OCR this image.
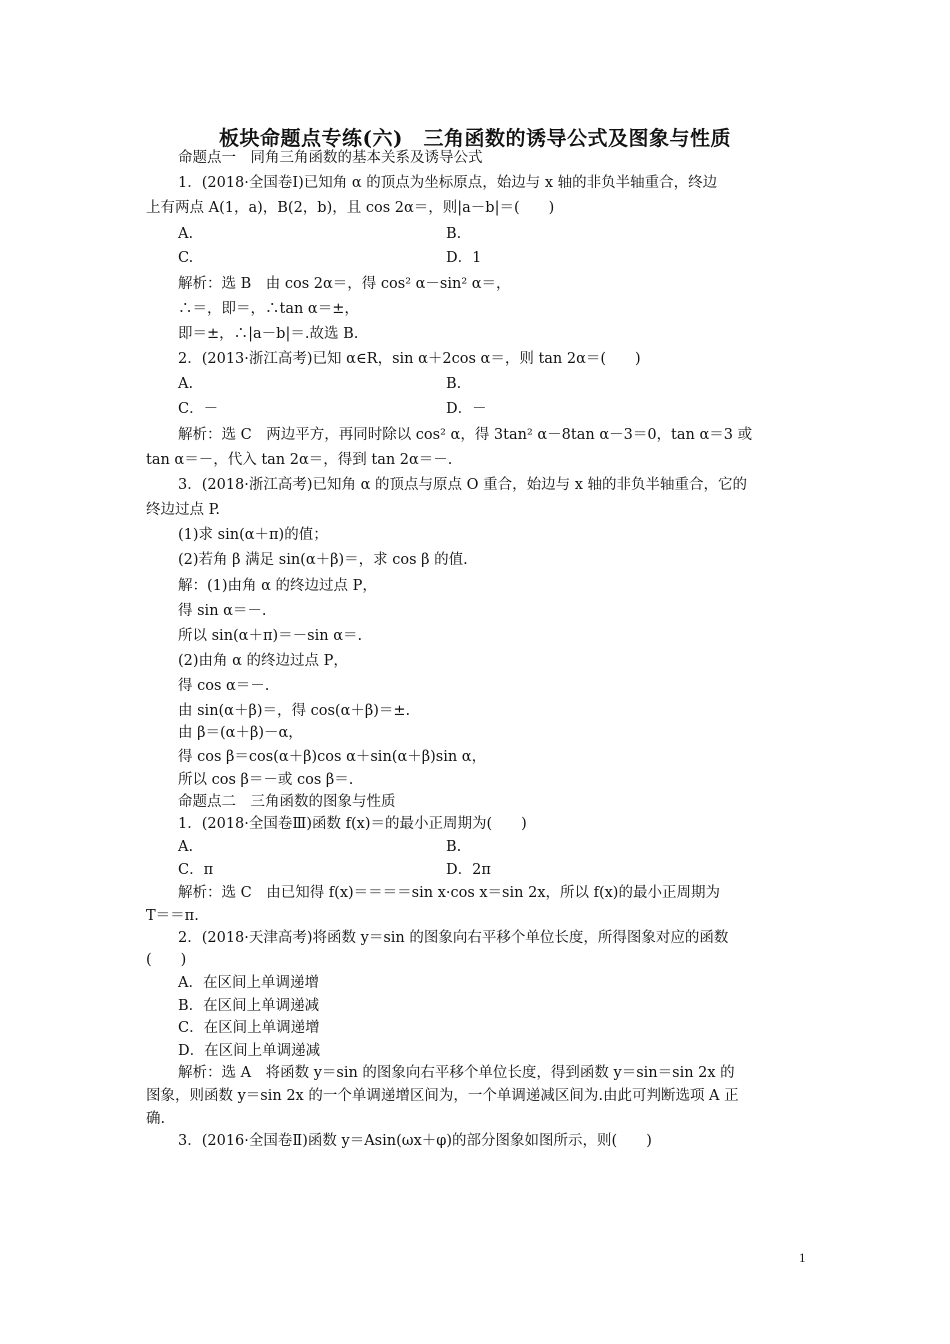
板块命题点专练(六)　三角函数的诱导公式及图象与性质
命题点一　同角三角函数的基本关系及诱导公式
1．(2018·全国卷Ⅰ)已知角 α 的顶点为坐标原点，始边与 x 轴的非负半轴重合，终边
上有两点 A(1，a)，B(2，b)，且 cos 2α＝，则|a－b|＝(　　)
A.	B.
C.	D．1
解析：选 B　由 cos 2α＝，得 cos² α－sin² α＝，
∴＝，即＝，∴tan α＝±，
即＝±，∴|a－b|＝.故选 B.
2．(2013·浙江高考)已知 α∈R，sin α＋2cos α＝，则 tan 2α＝(　　)
A.	B.
C．－	D．－
解析：选 C　两边平方，再同时除以 cos² α，得 3tan² α－8tan α－3＝0，tan α＝3 或
tan α＝－，代入 tan 2α＝，得到 tan 2α＝－.
3．(2018·浙江高考)已知角 α 的顶点与原点 O 重合，始边与 x 轴的非负半轴重合，它的
终边过点 P.
(1)求 sin(α＋π)的值；
(2)若角 β 满足 sin(α＋β)＝，求 cos β 的值.
解：(1)由角 α 的终边过点 P，
得 sin α＝－.
所以 sin(α＋π)＝－sin α＝.
(2)由角 α 的终边过点 P，
得 cos α＝－.
由 sin(α＋β)＝，得 cos(α＋β)＝±.
由 β＝(α＋β)－α，
得 cos β＝cos(α＋β)cos α＋sin(α＋β)sin α，
所以 cos β＝－或 cos β＝.
命题点二　三角函数的图象与性质
1．(2018·全国卷Ⅲ)函数 f(x)＝的最小正周期为(　　)
A.	B.
C．π	D．2π
解析：选 C　由已知得 f(x)＝＝＝＝sin x·cos x＝sin 2x，所以 f(x)的最小正周期为
T＝＝π.
2．(2018·天津高考)将函数 y＝sin 的图象向右平移个单位长度，所得图象对应的函数
(　　)
A．在区间上单调递增
B．在区间上单调递减
C．在区间上单调递增
D．在区间上单调递减
解析：选 A　将函数 y＝sin 的图象向右平移个单位长度，得到函数 y＝sin＝sin 2x 的
图象，则函数 y＝sin 2x 的一个单调递增区间为，一个单调递减区间为.由此可判断选项 A 正
确.
3．(2016·全国卷Ⅱ)函数 y＝Asin(ωx＋φ)的部分图象如图所示，则(　　)
1
